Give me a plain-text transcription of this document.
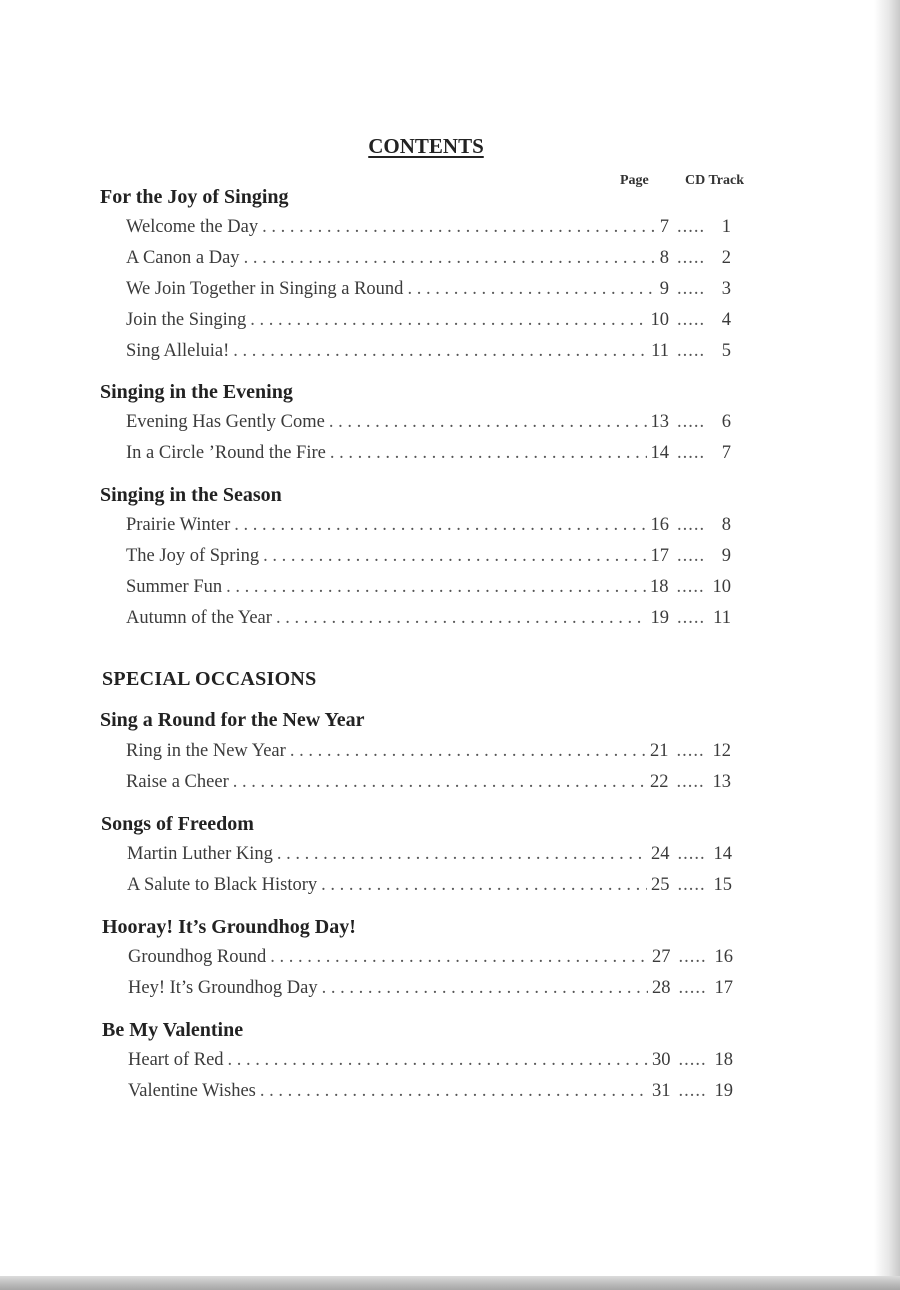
CONTENTS
Page	CD Track
For the Joy of Singing
Welcome the Day . . .	7 ..... 1
A Canon a Day . . .	8 ..... 2
We Join Together in Singing a Round . . .	9 ..... 3
Join the Singing . . .	10 ..... 4
Sing Alleluia! . . .	11 ..... 5
Singing in the Evening
Evening Has Gently Come . . .	13 ..... 6
In a Circle ’Round the Fire . . .	14 ..... 7
Singing in the Season
Prairie Winter . . .	16 ..... 8
The Joy of Spring . . .	17 ..... 9
Summer Fun . . .	18 ..... 10
Autumn of the Year . . .	19 ..... 11
SPECIAL OCCASIONS
Sing a Round for the New Year
Ring in the New Year . . .	21 ..... 12
Raise a Cheer . . .	22 ..... 13
Songs of Freedom
Martin Luther King . . .	24 ..... 14
A Salute to Black History . . .	25 ..... 15
Hooray! It’s Groundhog Day!
Groundhog Round . . .	27 ..... 16
Hey! It’s Groundhog Day . . .	28 ..... 17
Be My Valentine
Heart of Red . . .	30 ..... 18
Valentine Wishes . . .	31 ..... 19
